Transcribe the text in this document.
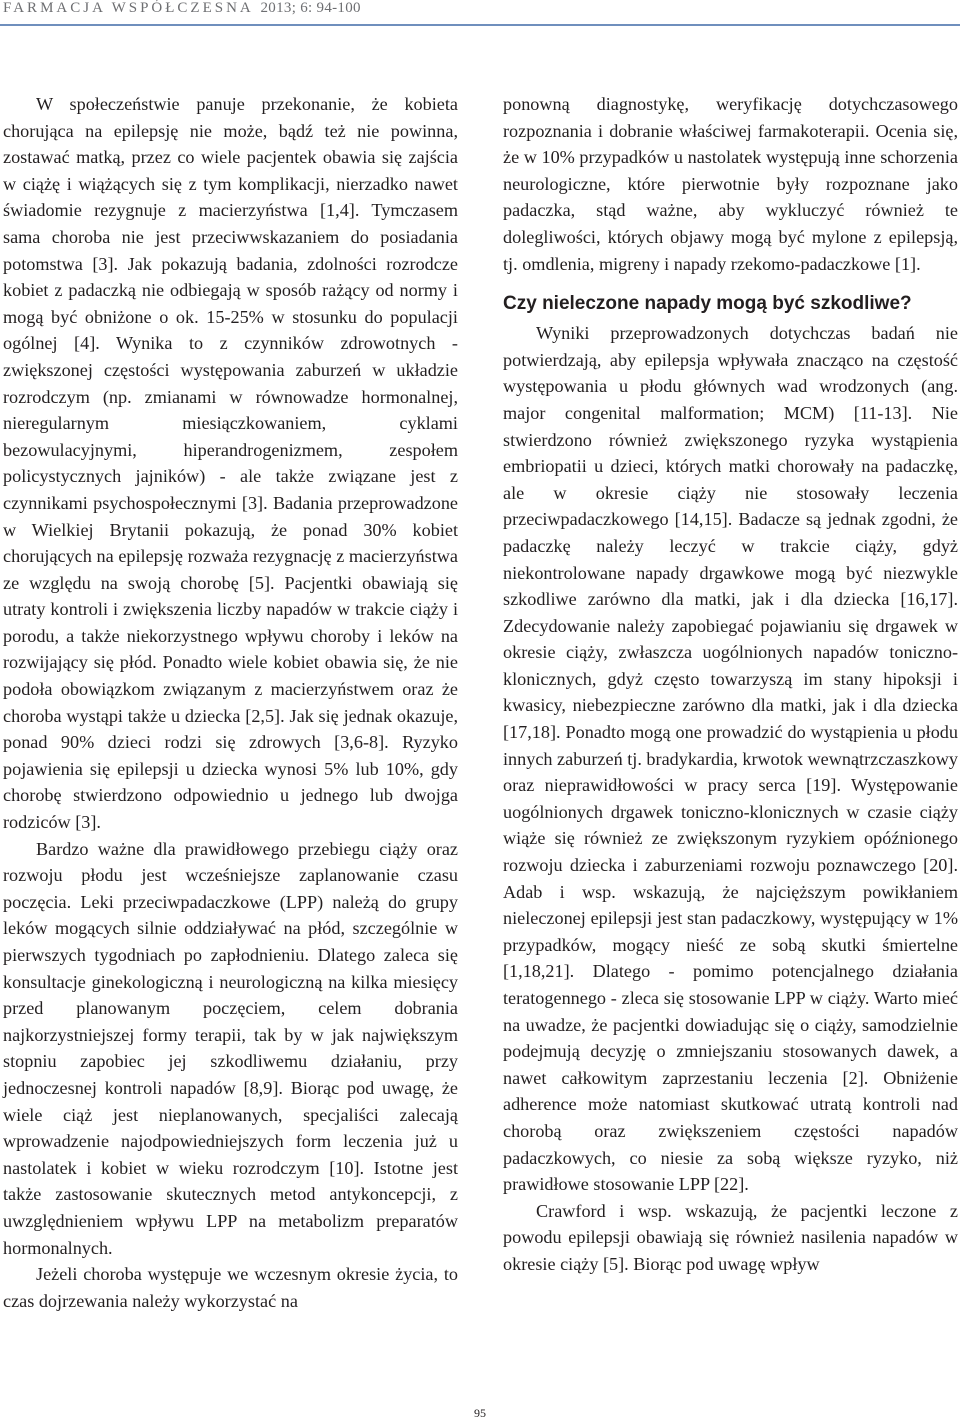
FARMACJA WSPÓŁCZESNA 2013; 6: 94-100

W społeczeństwie panuje przekonanie, że kobieta chorująca na epilepsję nie może, bądź też nie powinna, zostawać matką, przez co wiele pacjentek obawia się zajścia w ciążę i wiążących się z tym komplikacji, nierzadko nawet świadomie rezygnuje z macierzyństwa [1,4]. Tymczasem sama choroba nie jest przeciwwskazaniem do posiadania potomstwa [3]. Jak pokazują badania, zdolności rozrodcze kobiet z padaczką nie odbiegają w sposób rażący od normy i mogą być obniżone o ok. 15-25% w stosunku do populacji ogólnej [4]. Wynika to z czynników zdrowotnych - zwiększonej częstości występowania zaburzeń w układzie rozrodczym (np. zmianami w równowadze hormonalnej, nieregularnym miesiączkowaniem, cyklami bezowulacyjnymi, hiperandrogenizmem, zespołem policystycznych jajników) - ale także związane jest z czynnikami psychospołecznymi [3]. Badania przeprowadzone w Wielkiej Brytanii pokazują, że ponad 30% kobiet chorujących na epilepsję rozważa rezygnację z macierzyństwa ze względu na swoją chorobę [5]. Pacjentki obawiają się utraty kontroli i zwiększenia liczby napadów w trakcie ciąży i porodu, a także niekorzystnego wpływu choroby i leków na rozwijający się płód. Ponadto wiele kobiet obawia się, że nie podoła obowiązkom związanym z macierzyństwem oraz że choroba wystąpi także u dziecka [2,5]. Jak się jednak okazuje, ponad 90% dzieci rodzi się zdrowych [3,6-8]. Ryzyko pojawienia się epilepsji u dziecka wynosi 5% lub 10%, gdy chorobę stwierdzono odpowiednio u jednego lub dwojga rodziców [3].

Bardzo ważne dla prawidłowego przebiegu ciąży oraz rozwoju płodu jest wcześniejsze zaplanowanie czasu poczęcia. Leki przeciwpadaczkowe (LPP) należą do grupy leków mogących silnie oddziaływać na płód, szczególnie w pierwszych tygodniach po zapłodnieniu. Dlatego zaleca się konsultacje ginekologiczną i neurologiczną na kilka miesięcy przed planowanym poczęciem, celem dobrania najkorzystniejszej formy terapii, tak by w jak największym stopniu zapobiec jej szkodliwemu działaniu, przy jednoczesnej kontroli napadów [8,9]. Biorąc pod uwagę, że wiele ciąż jest nieplanowanych, specjaliści zalecają wprowadzenie najodpowiedniejszych form leczenia już u nastolatek i kobiet w wieku rozrodczym [10]. Istotne jest także zastosowanie skutecznych metod antykoncepcji, z uwzględnieniem wpływu LPP na metabolizm preparatów hormonalnych.

Jeżeli choroba występuje we wczesnym okresie życia, to czas dojrzewania należy wykorzystać na

ponowną diagnostykę, weryfikację dotychczasowego rozpoznania i dobranie właściwej farmakoterapii. Ocenia się, że w 10% przypadków u nastolatek występują inne schorzenia neurologiczne, które pierwotnie były rozpoznane jako padaczka, stąd ważne, aby wykluczyć również te dolegliwości, których objawy mogą być mylone z epilepsją, tj. omdlenia, migreny i napady rzekomo-padaczkowe [1].

Czy nieleczone napady mogą być szkodliwe?

Wyniki przeprowadzonych dotychczas badań nie potwierdzają, aby epilepsja wpływała znacząco na częstość występowania u płodu głównych wad wrodzonych (ang. major congenital malformation; MCM) [11-13]. Nie stwierdzono również zwiększonego ryzyka wystąpienia embriopatii u dzieci, których matki chorowały na padaczkę, ale w okresie ciąży nie stosowały leczenia przeciwpadaczkowego [14,15]. Badacze są jednak zgodni, że padaczkę należy leczyć w trakcie ciąży, gdyż niekontrolowane napady drgawkowe mogą być niezwykle szkodliwe zarówno dla matki, jak i dla dziecka [16,17]. Zdecydowanie należy zapobiegać pojawianiu się drgawek w okresie ciąży, zwłaszcza uogólnionych napadów toniczno-klonicznych, gdyż często towarzyszą im stany hipoksji i kwasicy, niebezpieczne zarówno dla matki, jak i dla dziecka [17,18]. Ponadto mogą one prowadzić do wystąpienia u płodu innych zaburzeń tj. bradykardia, krwotok wewnątrzczaszkowy oraz nieprawidłowości w pracy serca [19]. Występowanie uogólnionych drgawek toniczno-klonicznych w czasie ciąży wiąże się również ze zwiększonym ryzykiem opóźnionego rozwoju dziecka i zaburzeniami rozwoju poznawczego [20]. Adab i wsp. wskazują, że najcięższym powikłaniem nieleczonej epilepsji jest stan padaczkowy, występujący w 1% przypadków, mogący nieść ze sobą skutki śmiertelne [1,18,21]. Dlatego - pomimo potencjalnego działania teratogennego - zleca się stosowanie LPP w ciąży. Warto mieć na uwadze, że pacjentki dowiadując się o ciąży, samodzielnie podejmują decyzję o zmniejszaniu stosowanych dawek, a nawet całkowitym zaprzestaniu leczenia [2]. Obniżenie adherence może natomiast skutkować utratą kontroli nad chorobą oraz zwiększeniem częstości napadów padaczkowych, co niesie za sobą większe ryzyko, niż prawidłowe stosowanie LPP [22].

Crawford i wsp. wskazują, że pacjentki leczone z powodu epilepsji obawiają się również nasilenia napadów w okresie ciąży [5]. Biorąc pod uwagę wpływ

95
